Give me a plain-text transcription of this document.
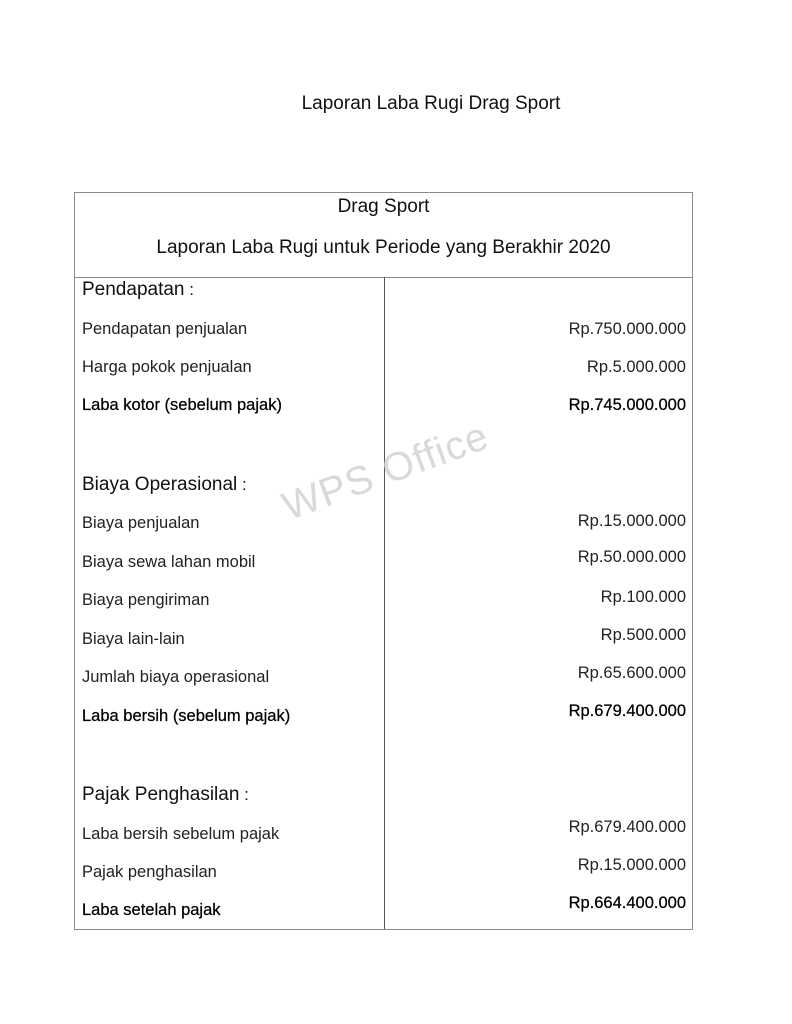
Laporan Laba Rugi Drag Sport
Drag Sport
Laporan Laba Rugi untuk Periode yang Berakhir 2020
Pendapatan :
Pendapatan penjualan	Rp.750.000.000
Harga pokok penjualan	Rp.5.000.000
Laba kotor (sebelum pajak)	Rp.745.000.000
Biaya Operasional :
Biaya penjualan	Rp.15.000.000
Biaya sewa lahan mobil	Rp.50.000.000
Biaya pengiriman	Rp.100.000
Biaya lain-lain	Rp.500.000
Jumlah biaya operasional	Rp.65.600.000
Laba bersih (sebelum pajak)	Rp.679.400.000
Pajak Penghasilan :
Laba bersih sebelum pajak	Rp.679.400.000
Pajak penghasilan	Rp.15.000.000
Laba setelah pajak	Rp.664.400.000
WPS Office
